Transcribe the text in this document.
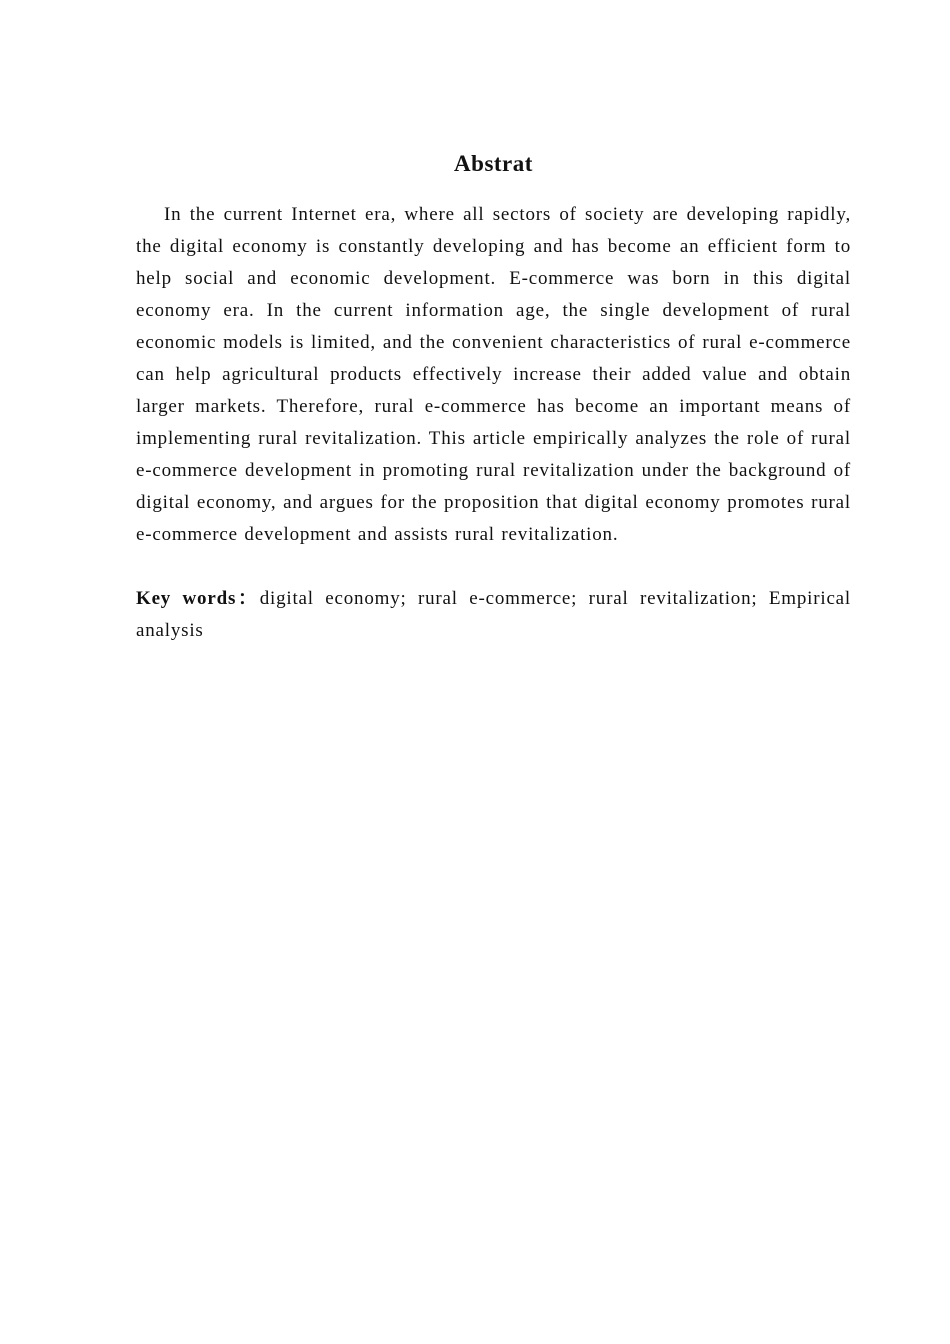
Abstrat

In the current Internet era, where all sectors of society are developing rapidly, the digital economy is constantly developing and has become an efficient form to help social and economic development. E-commerce was born in this digital economy era. In the current information age, the single development of rural economic models is limited, and the convenient characteristics of rural e-commerce can help agricultural products effectively increase their added value and obtain larger markets. Therefore, rural e-commerce has become an important means of implementing rural revitalization. This article empirically analyzes the role of rural e-commerce development in promoting rural revitalization under the background of digital economy, and argues for the proposition that digital economy promotes rural e-commerce development and assists rural revitalization.

Key words：digital economy; rural e-commerce; rural revitalization; Empirical analysis
